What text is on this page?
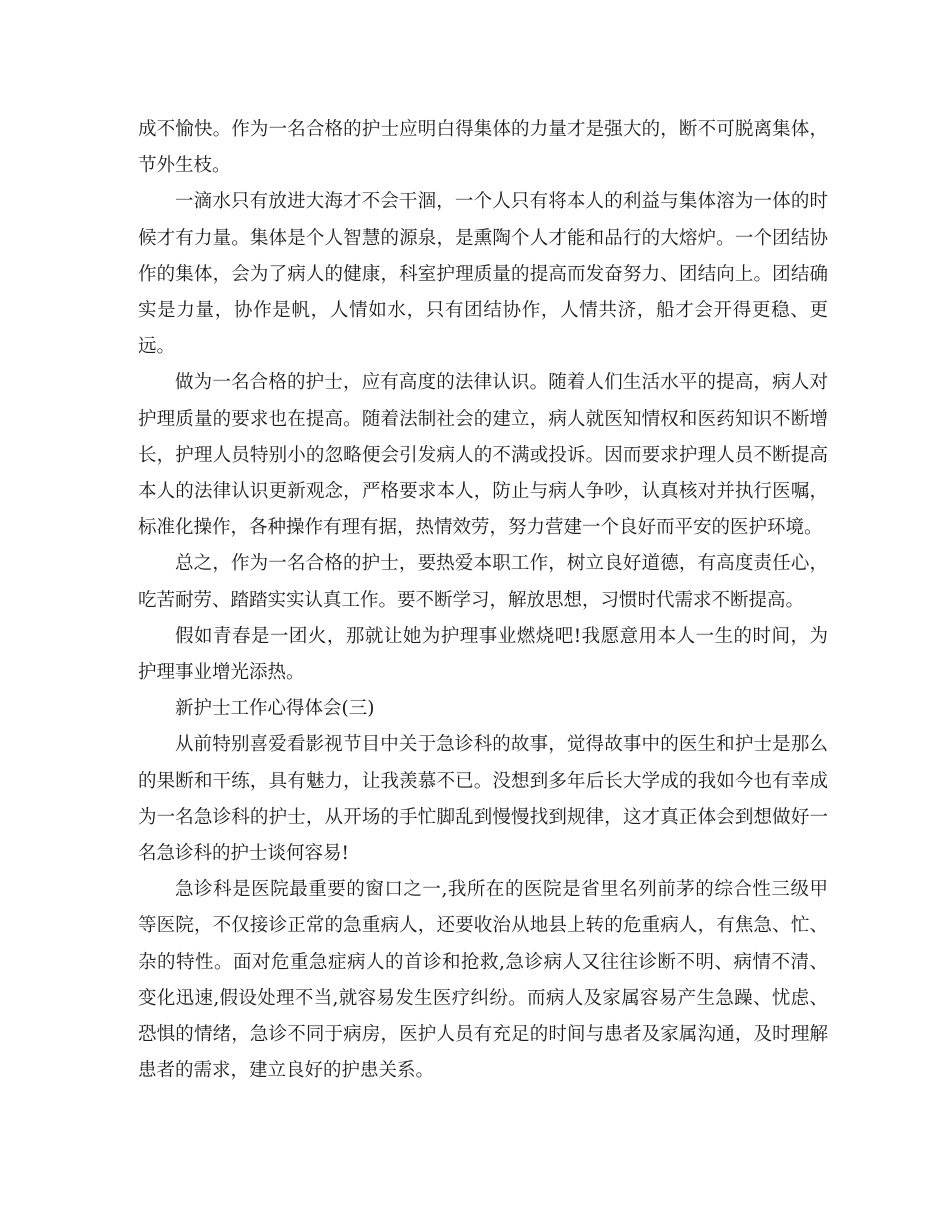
成不愉快。作为一名合格的护士应明白得集体的力量才是强大的，断不可脱离集体，节外生枝。

一滴水只有放进大海才不会干涸，一个人只有将本人的利益与集体溶为一体的时候才有力量。集体是个人智慧的源泉，是熏陶个人才能和品行的大熔炉。一个团结协作的集体，会为了病人的健康，科室护理质量的提高而发奋努力、团结向上。团结确实是力量，协作是帆，人情如水，只有团结协作，人情共济，船才会开得更稳、更远。

做为一名合格的护士，应有高度的法律认识。随着人们生活水平的提高，病人对护理质量的要求也在提高。随着法制社会的建立，病人就医知情权和医药知识不断增长，护理人员特别小的忽略便会引发病人的不满或投诉。因而要求护理人员不断提高本人的法律认识更新观念，严格要求本人，防止与病人争吵，认真核对并执行医嘱，标准化操作，各种操作有理有据，热情效劳，努力营建一个良好而平安的医护环境。

总之，作为一名合格的护士，要热爱本职工作，树立良好道德，有高度责任心，吃苦耐劳、踏踏实实认真工作。要不断学习，解放思想，习惯时代需求不断提高。

假如青春是一团火，那就让她为护理事业燃烧吧!我愿意用本人一生的时间，为护理事业增光添热。

新护士工作心得体会(三)

从前特别喜爱看影视节目中关于急诊科的故事，觉得故事中的医生和护士是那么的果断和干练，具有魅力，让我羡慕不已。没想到多年后长大学成的我如今也有幸成为一名急诊科的护士，从开场的手忙脚乱到慢慢找到规律，这才真正体会到想做好一名急诊科的护士谈何容易!

急诊科是医院最重要的窗口之一,我所在的医院是省里名列前茅的综合性三级甲等医院，不仅接诊正常的急重病人，还要收治从地县上转的危重病人，有焦急、忙、杂的特性。面对危重急症病人的首诊和抢救,急诊病人又往往诊断不明、病情不清、变化迅速,假设处理不当,就容易发生医疗纠纷。而病人及家属容易产生急躁、忧虑、恐惧的情绪，急诊不同于病房，医护人员有充足的时间与患者及家属沟通，及时理解患者的需求，建立良好的护患关系。
